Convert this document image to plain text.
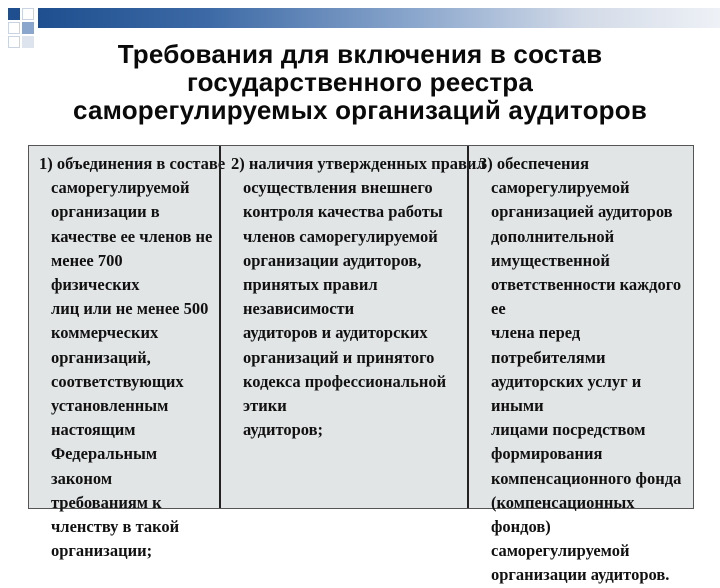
Требования для включения в состав
государственного реестра
саморегулируемых организаций аудиторов
1) объединения в составе
саморегулируемой
организации в
качестве ее членов не
менее 700 физических
лиц или не менее 500
коммерческих
организаций,
соответствующих
установленным
настоящим
Федеральным законом
требованиям к
членству в такой
организации;
2) наличия утвержденных правил
осуществления внешнего
контроля качества работы
членов саморегулируемой
организации аудиторов,
принятых правил независимости
аудиторов и аудиторских
организаций и принятого
кодекса профессиональной этики
аудиторов;
3) обеспечения
саморегулируемой
организацией аудиторов
дополнительной
имущественной
ответственности каждого ее
члена перед потребителями
аудиторских услуг и иными
лицами посредством
формирования
компенсационного фонда
(компенсационных фондов)
саморегулируемой
организации аудиторов.
